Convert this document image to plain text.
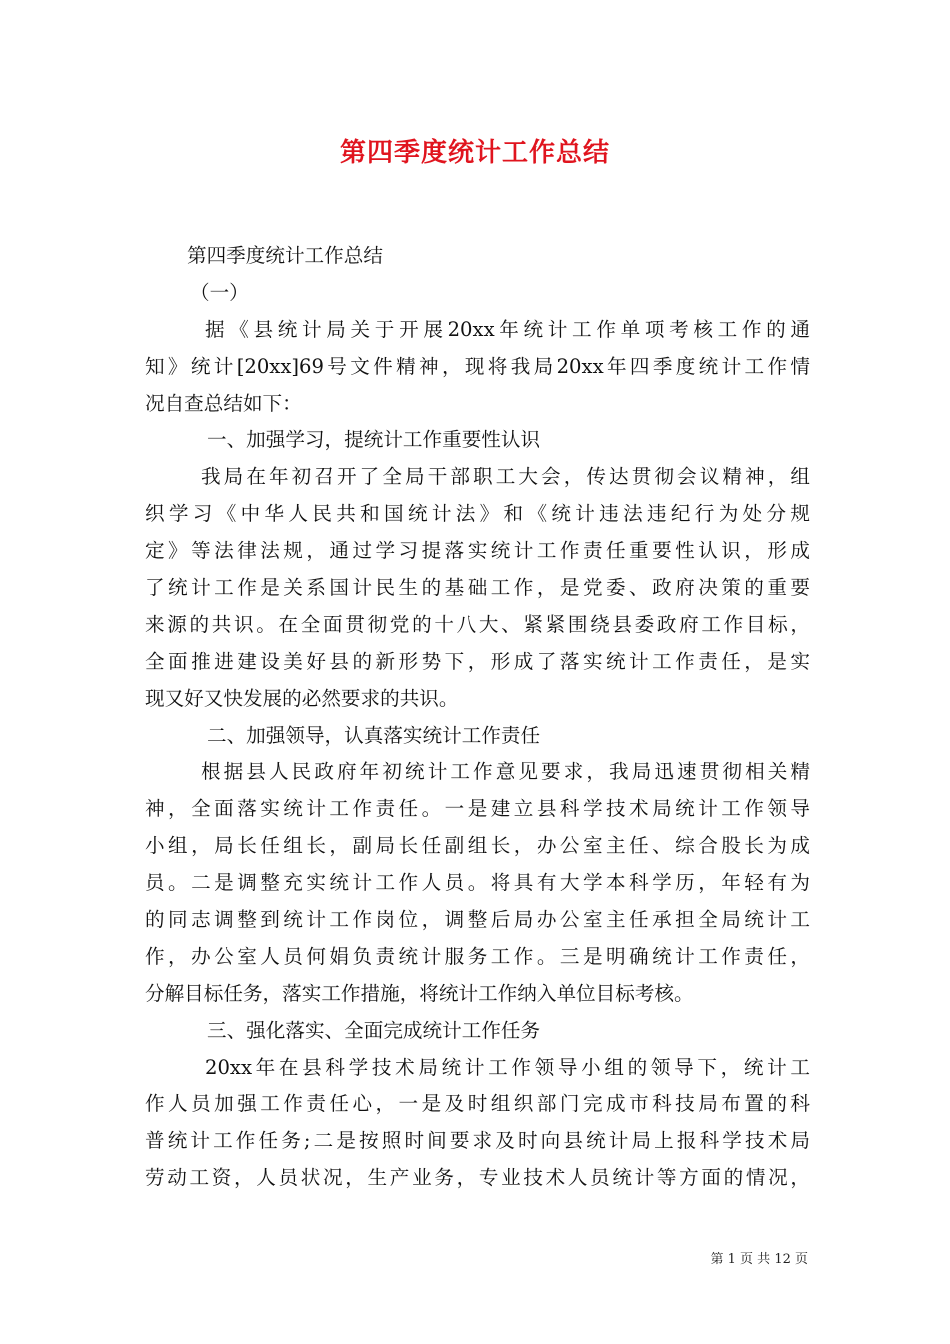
第四季度统计工作总结
第四季度统计工作总结
（一）
据《县统计局关于开展20xx年统计工作单项考核工作的通
知》统计[20xx]69号文件精神，现将我局20xx年四季度统计工作情
况自查总结如下：
一、加强学习，提统计工作重要性认识
我局在年初召开了全局干部职工大会，传达贯彻会议精神，组
织学习《中华人民共和国统计法》和《统计违法违纪行为处分规
定》等法律法规，通过学习提落实统计工作责任重要性认识，形成
了统计工作是关系国计民生的基础工作，是党委、政府决策的重要
来源的共识。在全面贯彻党的十八大、紧紧围绕县委政府工作目标，
全面推进建设美好县的新形势下，形成了落实统计工作责任，是实
现又好又快发展的必然要求的共识。
二、加强领导，认真落实统计工作责任
根据县人民政府年初统计工作意见要求，我局迅速贯彻相关精
神，全面落实统计工作责任。一是建立县科学技术局统计工作领导
小组，局长任组长，副局长任副组长，办公室主任、综合股长为成
员。二是调整充实统计工作人员。将具有大学本科学历，年轻有为
的同志调整到统计工作岗位，调整后局办公室主任承担全局统计工
作，办公室人员何娟负责统计服务工作。三是明确统计工作责任，
分解目标任务，落实工作措施，将统计工作纳入单位目标考核。
三、强化落实、全面完成统计工作任务
20xx年在县科学技术局统计工作领导小组的领导下，统计工
作人员加强工作责任心，一是及时组织部门完成市科技局布置的科
普统计工作任务;二是按照时间要求及时向县统计局上报科学技术局
劳动工资，人员状况，生产业务，专业技术人员统计等方面的情况，
第 1 页 共 12 页
